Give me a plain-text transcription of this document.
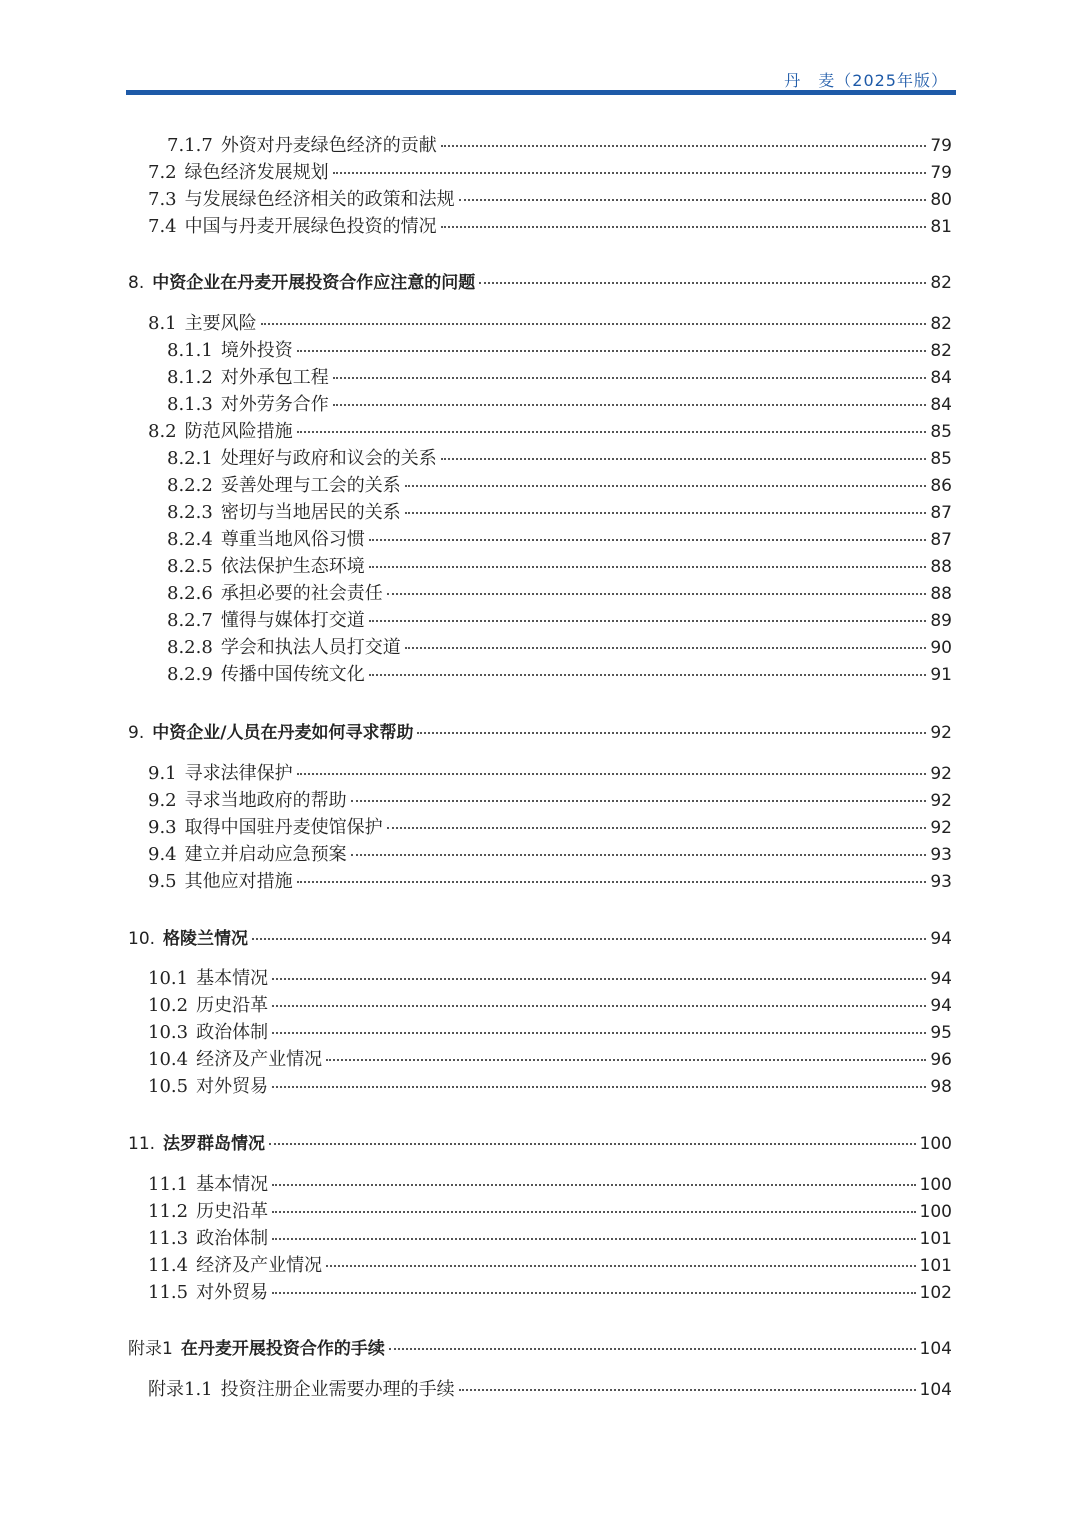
丹　麦（2025年版）
7.1.7 外资对丹麦绿色经济的贡献	79
7.2 绿色经济发展规划	79
7.3 与发展绿色经济相关的政策和法规	80
7.4 中国与丹麦开展绿色投资的情况	81
8. 中资企业在丹麦开展投资合作应注意的问题	82
8.1 主要风险	82
8.1.1 境外投资	82
8.1.2 对外承包工程	84
8.1.3 对外劳务合作	84
8.2 防范风险措施	85
8.2.1 处理好与政府和议会的关系	85
8.2.2 妥善处理与工会的关系	86
8.2.3 密切与当地居民的关系	87
8.2.4 尊重当地风俗习惯	87
8.2.5 依法保护生态环境	88
8.2.6 承担必要的社会责任	88
8.2.7 懂得与媒体打交道	89
8.2.8 学会和执法人员打交道	90
8.2.9 传播中国传统文化	91
9. 中资企业/人员在丹麦如何寻求帮助	92
9.1 寻求法律保护	92
9.2 寻求当地政府的帮助	92
9.3 取得中国驻丹麦使馆保护	92
9.4 建立并启动应急预案	93
9.5 其他应对措施	93
10. 格陵兰情况	94
10.1 基本情况	94
10.2 历史沿革	94
10.3 政治体制	95
10.4 经济及产业情况	96
10.5 对外贸易	98
11. 法罗群岛情况	100
11.1 基本情况	100
11.2 历史沿革	100
11.3 政治体制	101
11.4 经济及产业情况	101
11.5 对外贸易	102
附录1 在丹麦开展投资合作的手续	104
附录1.1 投资注册企业需要办理的手续	104
